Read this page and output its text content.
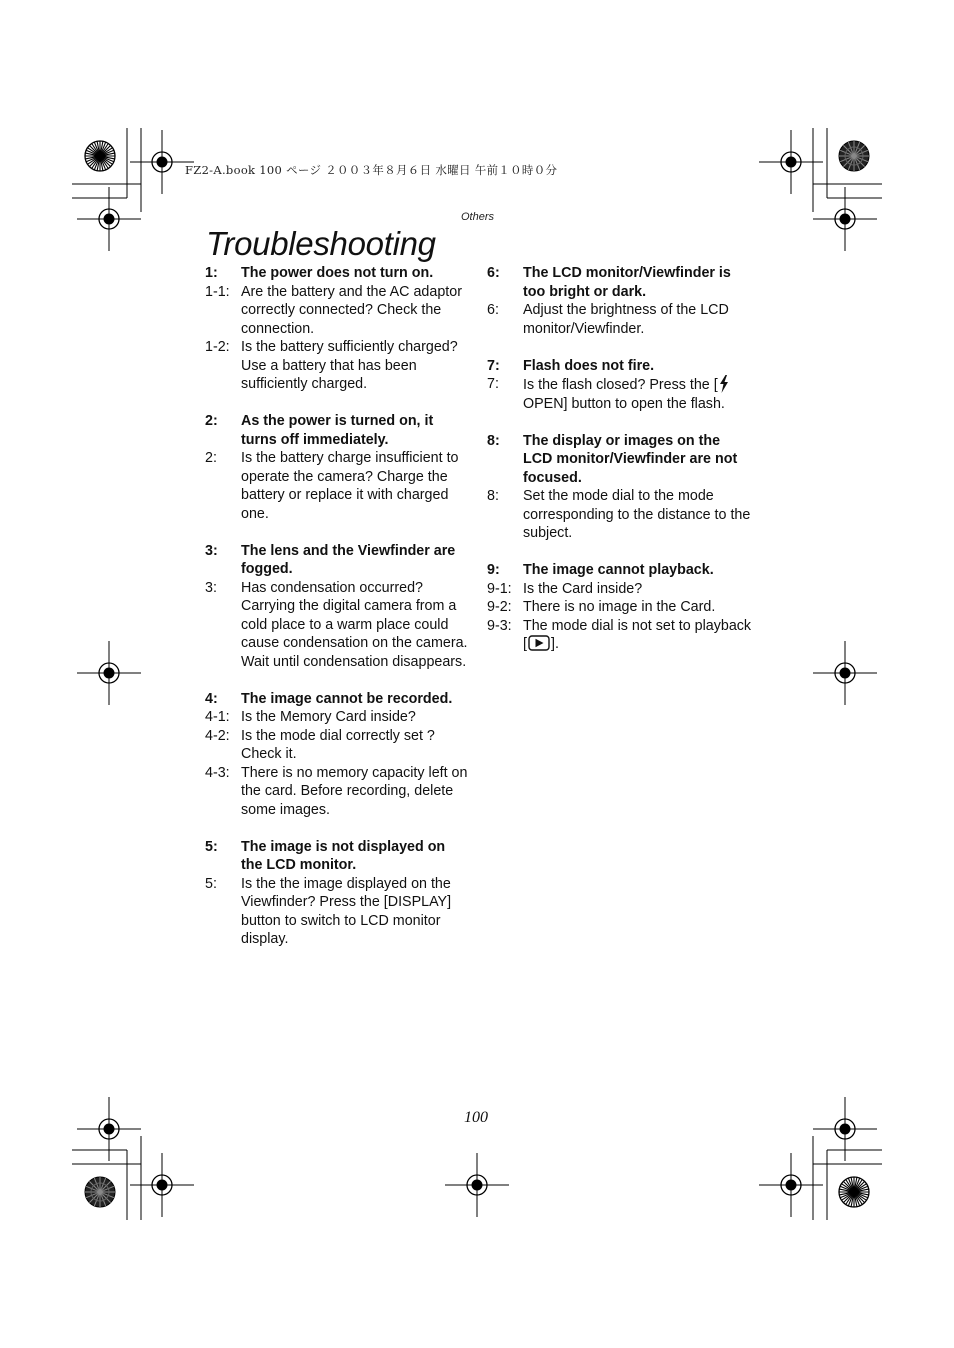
FZ2-A.book 100 ページ ２００３年８月６日 水曜日 午前１０時０分
Others
Troubleshooting
1:	The power does not turn on.
1-1: Are the battery and the AC adaptor correctly connected? Check the connection.
1-2: Is the battery sufficiently charged? Use a battery that has been sufficiently charged.
2:	As the power is turned on, it turns off immediately.
2:	Is the battery charge insufficient to operate the camera? Charge the battery or replace it with charged one.
3:	The lens and the Viewfinder are fogged.
3:	Has condensation occurred? Carrying the digital camera from a cold place to a warm place could cause condensation on the camera. Wait until condensation disappears.
4:	The image cannot be recorded.
4-1: Is the Memory Card inside?
4-2: Is the mode dial correctly set ? Check it.
4-3: There is no memory capacity left on the card. Before recording, delete some images.
5:	The image is not displayed on the LCD monitor.
5:	Is the the image displayed on the Viewfinder? Press the [DISPLAY] button to switch to LCD monitor display.
6:	The LCD monitor/Viewfinder is too bright or dark.
6:	Adjust the brightness of the LCD monitor/Viewfinder.
7:	Flash does not fire.
7:	Is the flash closed? Press the [ OPEN] button to open the flash.
8:	The display or images on the LCD monitor/Viewfinder are not focused.
8:	Set the mode dial to the mode corresponding to the distance to the subject.
9:	The image cannot playback.
9-1: Is the Card inside?
9-2: There is no image in the Card.
9-3: The mode dial is not set to playback [ ].
100
